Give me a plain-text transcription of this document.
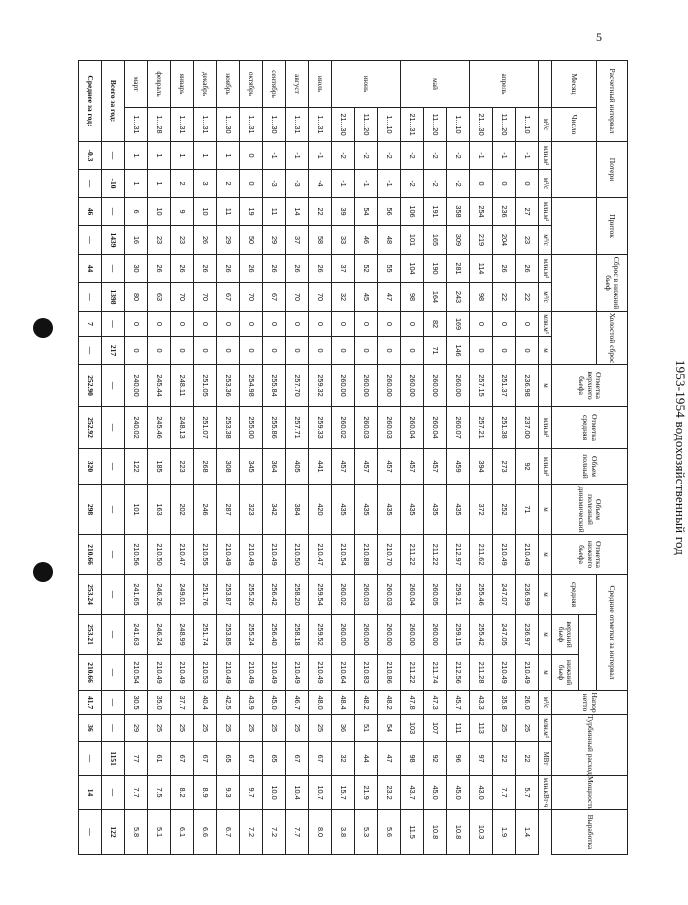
5
1953-1954 водохозяйственный год
Расчетный интервал		Потери		Приток		Сброс в нижний бьеф		Холостой сброс		Отметка верхнего бьефа	Отметка средняя	Объем полный	Объем полезный динамический	Отметка нижнего бьефа	Средние отметки за интервал			Напор нетто	Турбинный расход		Мощность	Выработка
Месяц	Число														средняя							
																верхний бьеф	нижний бьеф					
	м³/с	млн.м³	м³/с	млн.м³	м³/с	млн.м³	м³/с	млн.м³	м	м	млн.м³	млн.м³	м	м	м	м	м	м³/с	млн.м³	МВт	млн.кВт·ч	
апрель	1...10	-1	0	27	23	26	22	0	0	236.98	237.00	92	71	210.49	236.99	236.97	210.49	26.0	25	22	5.7	1.4
	11...20	-1	0	236	204	26	22	0	0	251.37	251.38	273	252	210.49	247.07	247.05	210.49	35.8	25	22	7.7	1.9
	21...30	-1	0	254	219	114	98	0	0	257.15	257.21	394	372	211.62	255.46	255.42	211.28	43.3	113	97	43.0	10.3
май	1...10	-2	-2	358	309	281	243	169	146	260.00	260.07	459	435	212.97	259.21	259.15	212.56	45.7	111	96	45.0	10.8
	11...20	-2	-2	191	165	190	164	82	71	260.00	260.04	457	435	211.22	260.05	260.00	211.74	47.3	107	92	45.0	10.8
	21...31	-2	-2	106	101	104	98	0	0	260.00	260.04	457	435	211.22	260.04	260.00	211.22	47.8	103	98	43.7	11.5
июнь	1...10	-2	-1	56	48	55	47	0	0	260.00	260.03	457	435	210.70	260.03	260.00	210.86	48.2	54	47	23.2	5.6
	11...20	-2	-1	54	46	52	45	0	0	260.00	260.03	457	435	210.88	260.03	260.00	210.83	48.2	51	44	21.9	5.3
	21...30	-2	-1	39	33	37	32	0	0	260.00	260.02	457	435	210.54	260.02	260.00	210.64	48.4	36	32	15.7	3.8
июль	1...31	-1	-4	22	58	26	70	0	0	259.32	259.33	441	420	210.47	259.54	259.52	210.49	48.0	25	67	10.7	8.0
август	1...31	-1	-3	14	37	26	70	0	0	257.70	257.71	405	384	210.50	258.20	258.18	210.49	46.7	25	67	10.4	7.7
сентябрь	1...30	-1	-3	11	29	26	67	0	0	255.84	255.86	364	342	210.49	256.42	256.40	210.49	45.0	25	65	10.0	7.2
октябрь	1...31	0	0	19	50	26	70	0	0	254.98	255.00	345	323	210.49	255.26	255.24	210.49	43.9	25	67	9.7	7.2
ноябрь	1...30	1	2	11	29	26	67	0	0	253.36	253.38	308	287	210.49	253.87	253.85	210.49	42.5	25	65	9.3	6.7
декабрь	1...31	1	3	10	26	26	70	0	0	251.05	251.07	268	246	210.55	251.76	251.74	210.53	40.4	25	67	8.9	6.6
январь	1...31	1	2	9	23	26	70	0	0	248.11	248.13	223	202	210.47	249.01	248.99	210.49	37.7	25	67	8.2	6.1
февраль	1...28	1	1	10	23	26	63	0	0	245.44	245.46	185	163	210.50	246.26	246.24	210.49	35.0	25	61	7.5	5.1
март	1...31	1	1	6	16	30	80	0	0	240.00	240.02	122	101	210.56	241.65	241.63	210.54	30.5	29	77	7.7	5.8
Всего за год:		—	-10	—	1439	—	1398	—	217	—	—	—	—	—	—	—	—	—	—	1151	—	122
Среднее за год:		-0.3	—	46	—	44	—	7	—	252.90	252.92	320	298	210.66	253.24	253.21	210.66	41.7	36	—	14	—
